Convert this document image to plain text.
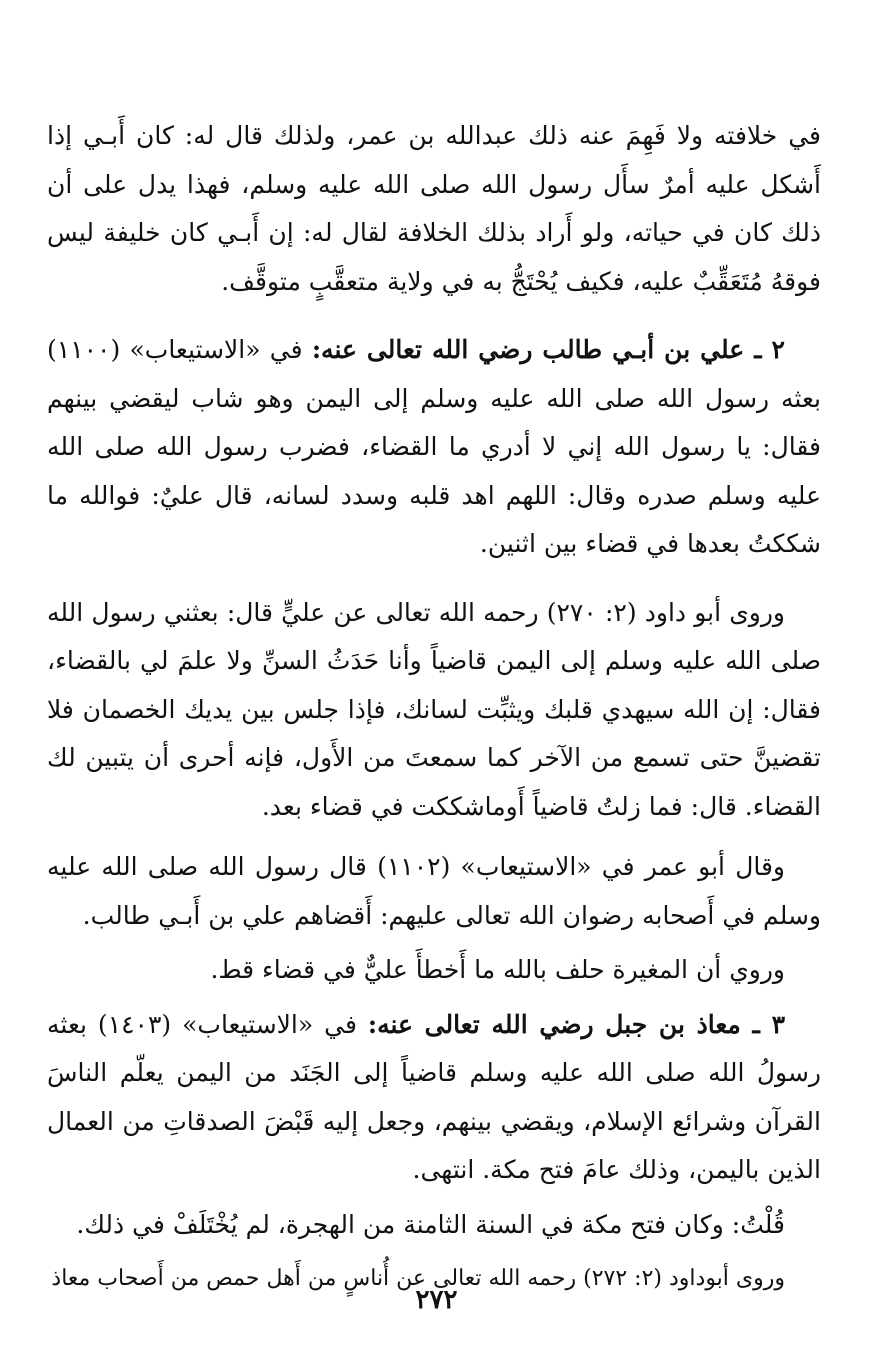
في خلافته ولا فَهِمَ عنه ذلك عبدالله بن عمر، ولذلك قال له: كان أَبـي إذا أَشكل عليه أمرٌ سأَل رسول الله صلى الله عليه وسلم، فهذا يدل على أن ذلك كان في حياته، ولو أَراد بذلك الخلافة لقال له: إن أَبـي كان خليفة ليس فوقهُ مُتَعَقِّبٌ عليه، فكيف يُحْتَجُّ به في ولاية متعقَّبٍ متوقَّف.

٢ ـ علي بن أبـي طالب رضي الله تعالى عنه: في «الاستيعاب» (١١٠٠) بعثه رسول الله صلى الله عليه وسلم إلى اليمن وهو شاب ليقضي بينهم فقال: يا رسول الله إني لا أدري ما القضاء، فضرب رسول الله صلى الله عليه وسلم صدره وقال: اللهم اهد قلبه وسدد لسانه، قال عليٌ: فوالله ما شككتُ بعدها في قضاء بين اثنين.

وروى أبو داود (٢: ٢٧٠) رحمه الله تعالى عن عليٍّ قال: بعثني رسول الله صلى الله عليه وسلم إلى اليمن قاضياً وأنا حَدَثُ السنِّ ولا علمَ لي بالقضاء، فقال: إن الله سيهدي قلبك ويثبِّت لسانك، فإذا جلس بين يديك الخصمان فلا تقضينَّ حتى تسمع من الآخر كما سمعتَ من الأَول، فإنه أحرى أن يتبين لك القضاء. قال: فما زلتُ قاضياً أَوماشككت في قضاء بعد.

وقال أبو عمر في «الاستيعاب» (١١٠٢) قال رسول الله صلى الله عليه وسلم في أَصحابه رضوان الله تعالى عليهم: أَقضاهم علي بن أَبـي طالب.

وروي أن المغيرة حلف بالله ما أَخطأَ عليٌّ في قضاء قط.

٣ ـ معاذ بن جبل رضي الله تعالى عنه: في «الاستيعاب» (١٤٠٣) بعثه رسولُ الله صلى الله عليه وسلم قاضياً إلى الجَنَد من اليمن يعلّم الناسَ القرآن وشرائع الإسلام، ويقضي بينهم، وجعل إليه قَبْضَ الصدقاتِ من العمال الذين باليمن، وذلك عامَ فتح مكة. انتهى.

قُلْتُ: وكان فتح مكة في السنة الثامنة من الهجرة، لم يُخْتَلَفْ في ذلك.

وروى أبوداود (٢: ٢٧٢) رحمه الله تعالى عن أُناسٍ من أَهل حمص من أَصحاب معاذ

٢٧٢
